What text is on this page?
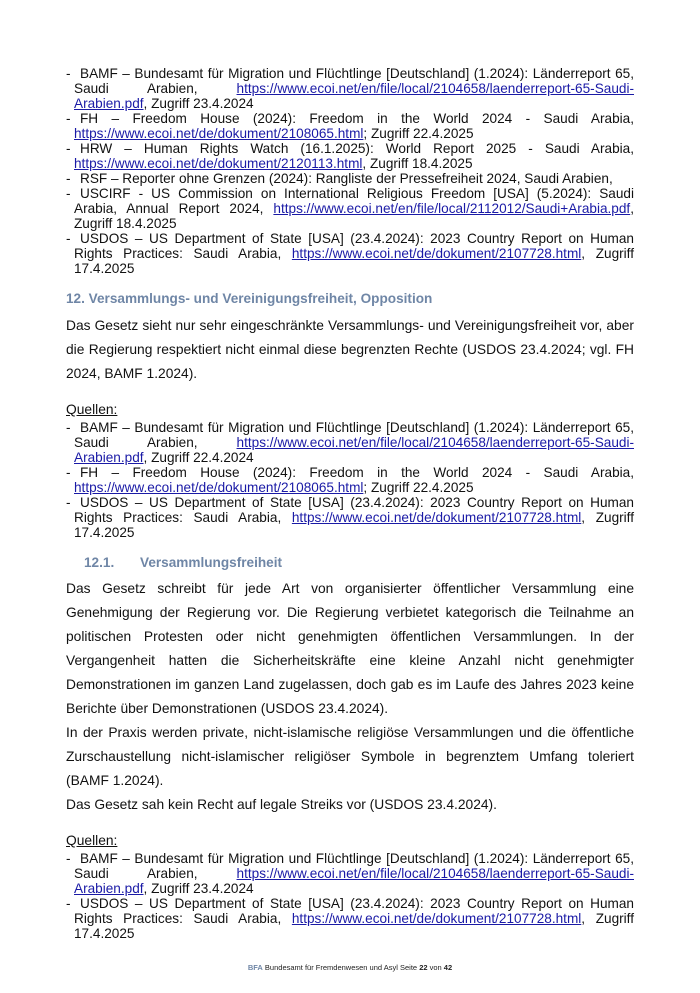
- BAMF – Bundesamt für Migration und Flüchtlinge [Deutschland] (1.2024): Länderreport 65, Saudi Arabien, https://www.ecoi.net/en/file/local/2104658/laenderreport-65-Saudi-Arabien.pdf, Zugriff 23.4.2024
- FH – Freedom House (2024): Freedom in the World 2024 - Saudi Arabia, https://www.ecoi.net/de/dokument/2108065.html; Zugriff 22.4.2025
- HRW – Human Rights Watch (16.1.2025): World Report 2025 - Saudi Arabia, https://www.ecoi.net/de/dokument/2120113.html, Zugriff 18.4.2025
- RSF – Reporter ohne Grenzen (2024): Rangliste der Pressefreiheit 2024, Saudi Arabien,
- USCIRF - US Commission on International Religious Freedom [USA] (5.2024): Saudi Arabia, Annual Report 2024, https://www.ecoi.net/en/file/local/2112012/Saudi+Arabia.pdf, Zugriff 18.4.2025
- USDOS – US Department of State [USA] (23.4.2024): 2023 Country Report on Human Rights Practices: Saudi Arabia, https://www.ecoi.net/de/dokument/2107728.html, Zugriff 17.4.2025
12. Versammlungs- und Vereinigungsfreiheit, Opposition

Das Gesetz sieht nur sehr eingeschränkte Versammlungs- und Vereinigungsfreiheit vor, aber die Regierung respektiert nicht einmal diese begrenzten Rechte (USDOS 23.4.2024; vgl. FH 2024, BAMF 1.2024).

Quellen:
- BAMF – Bundesamt für Migration und Flüchtlinge [Deutschland] (1.2024): Länderreport 65, Saudi Arabien, https://www.ecoi.net/en/file/local/2104658/laenderreport-65-Saudi-Arabien.pdf, Zugriff 22.4.2024
- FH – Freedom House (2024): Freedom in the World 2024 - Saudi Arabia, https://www.ecoi.net/de/dokument/2108065.html; Zugriff 22.4.2025
- USDOS – US Department of State [USA] (23.4.2024): 2023 Country Report on Human Rights Practices: Saudi Arabia, https://www.ecoi.net/de/dokument/2107728.html, Zugriff 17.4.2025
12.1. Versammlungsfreiheit

Das Gesetz schreibt für jede Art von organisierter öffentlicher Versammlung eine Genehmigung der Regierung vor. Die Regierung verbietet kategorisch die Teilnahme an politischen Protesten oder nicht genehmigten öffentlichen Versammlungen. In der Vergangenheit hatten die Sicherheitskräfte eine kleine Anzahl nicht genehmigter Demonstrationen im ganzen Land zugelassen, doch gab es im Laufe des Jahres 2023 keine Berichte über Demonstrationen (USDOS 23.4.2024).

In der Praxis werden private, nicht-islamische religiöse Versammlungen und die öffentliche Zurschaustellung nicht-islamischer religiöser Symbole in begrenztem Umfang toleriert (BAMF 1.2024).

Das Gesetz sah kein Recht auf legale Streiks vor (USDOS 23.4.2024).

Quellen:
- BAMF – Bundesamt für Migration und Flüchtlinge [Deutschland] (1.2024): Länderreport 65, Saudi Arabien, https://www.ecoi.net/en/file/local/2104658/laenderreport-65-Saudi-Arabien.pdf, Zugriff 23.4.2024
- USDOS – US Department of State [USA] (23.4.2024): 2023 Country Report on Human Rights Practices: Saudi Arabia, https://www.ecoi.net/de/dokument/2107728.html, Zugriff 17.4.2025
BFA Bundesamt für Fremdenwesen und Asyl Seite 22 von 42
